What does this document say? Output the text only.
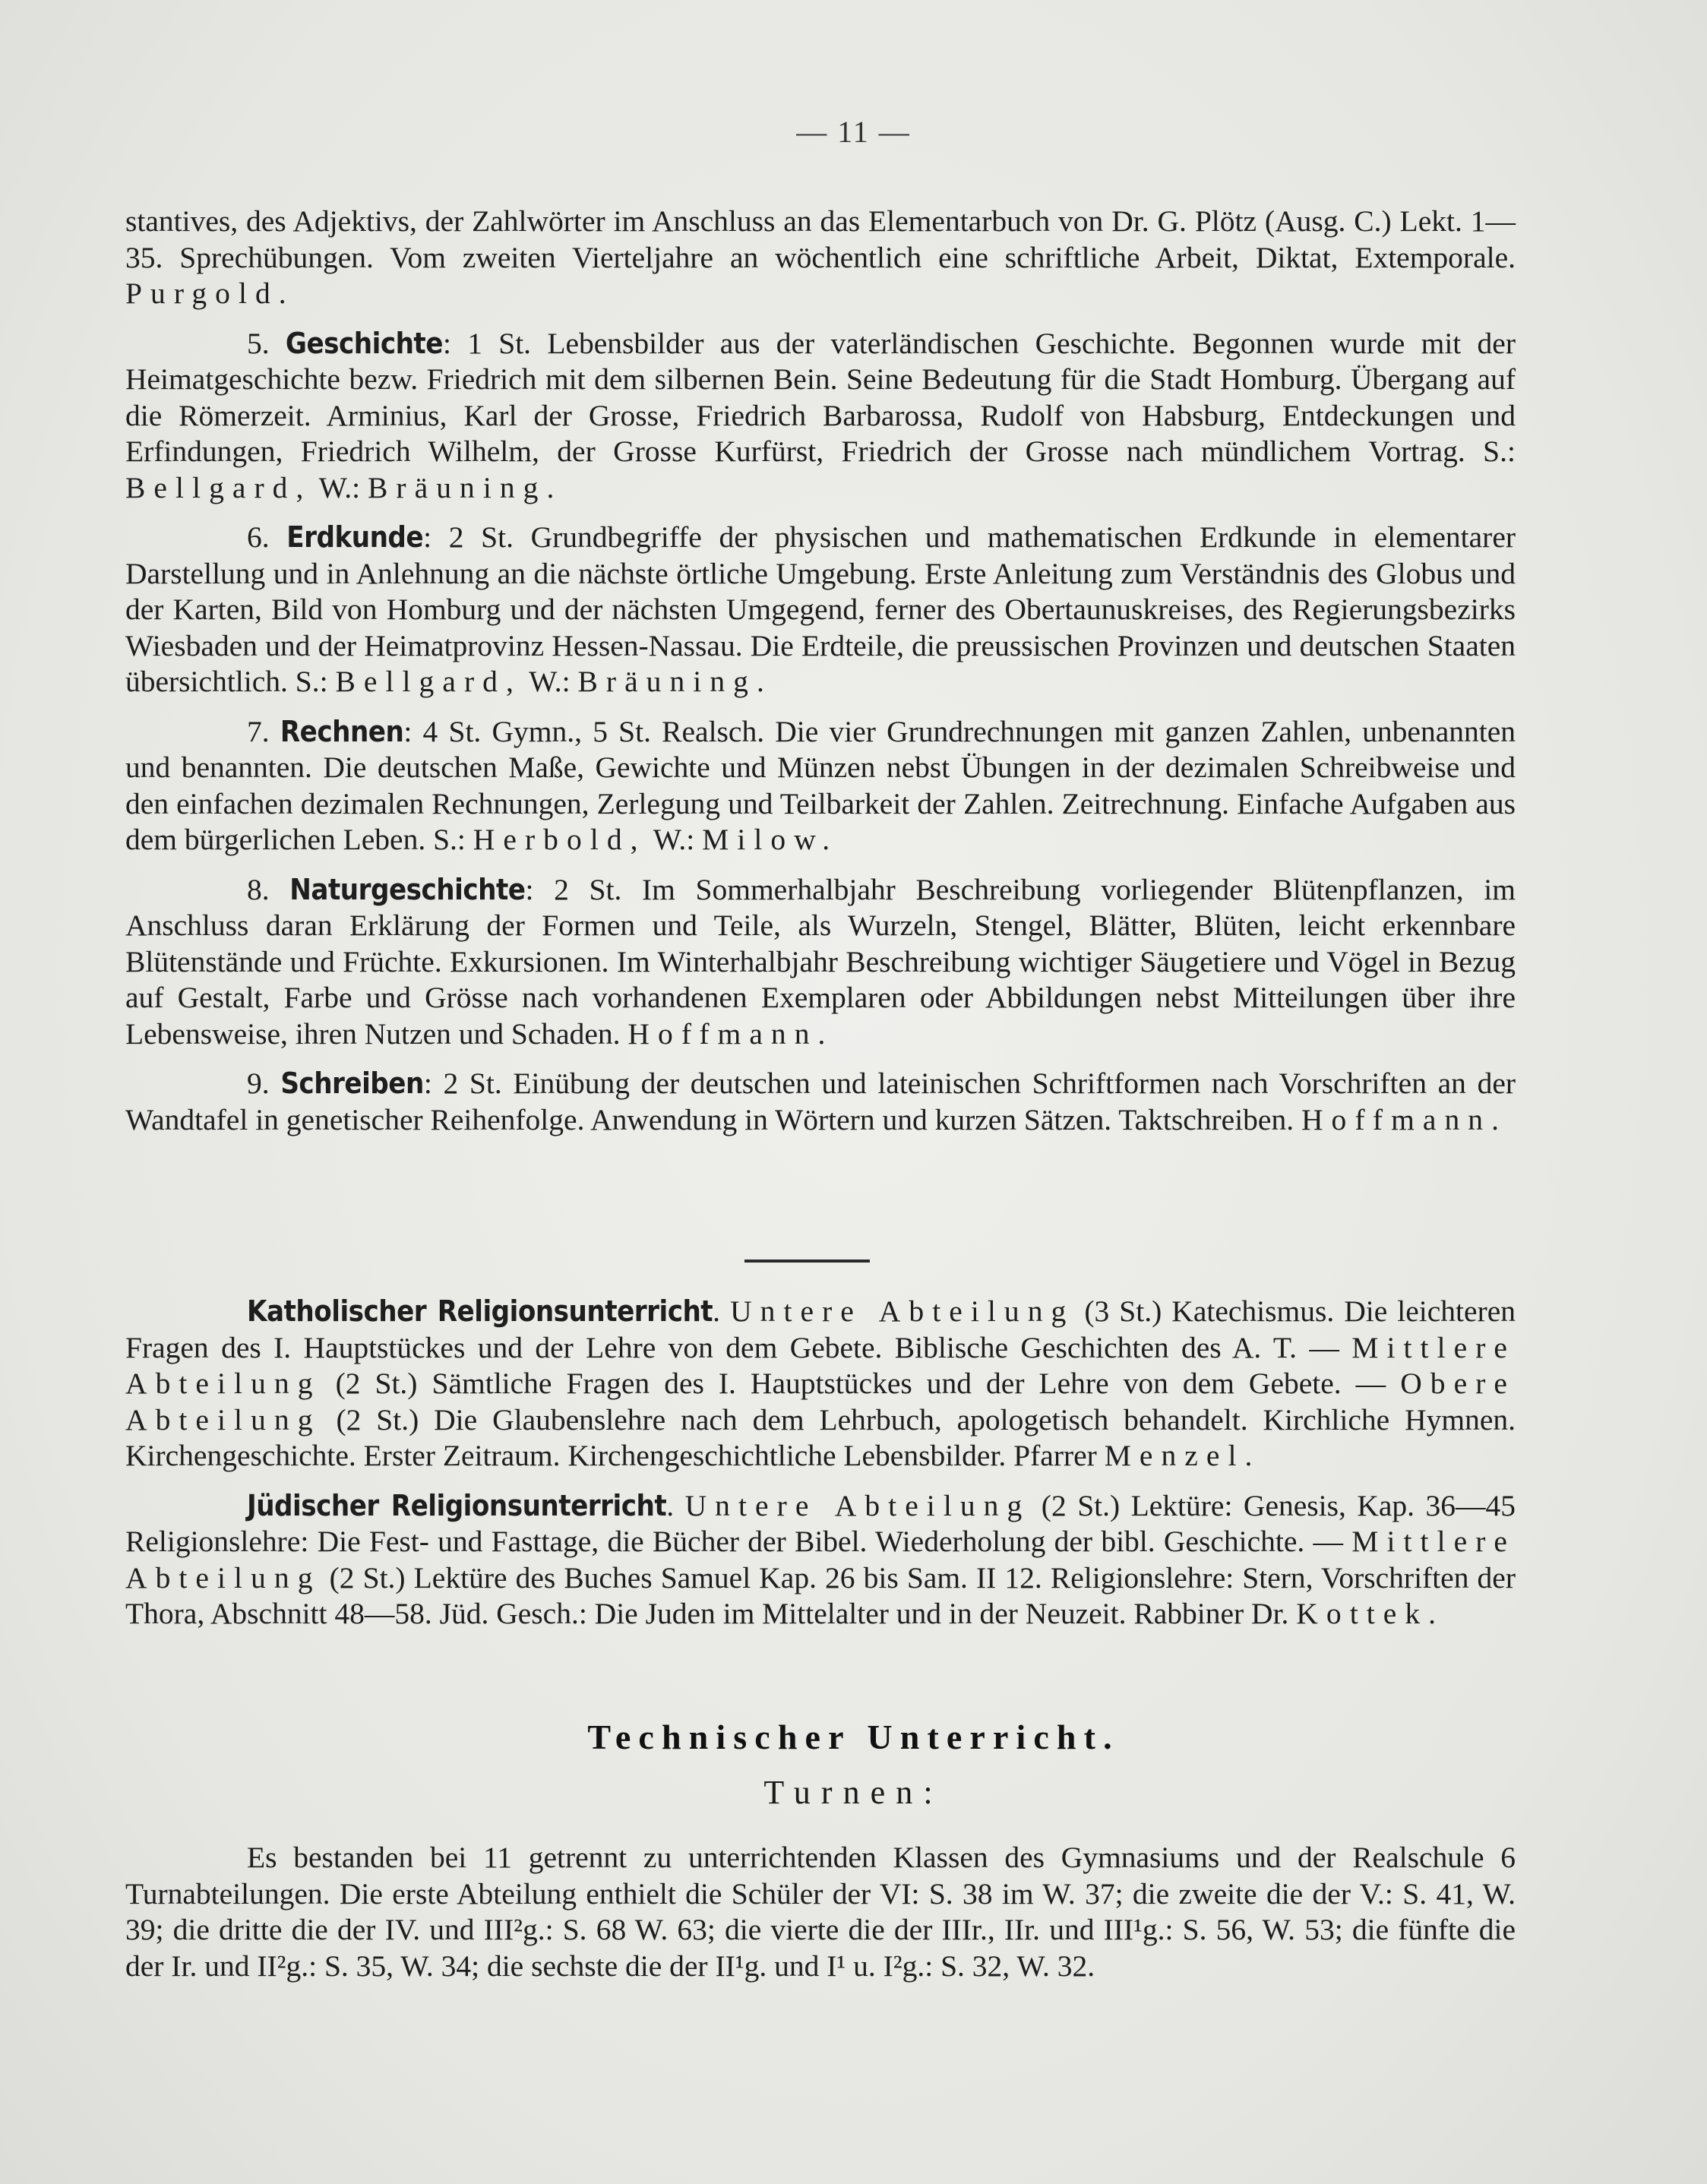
— 11 —

stantives, des Adjektivs, der Zahlwörter im Anschluss an das Elementarbuch von Dr. G. Plötz (Ausg. C.) Lekt. 1—35. Sprechübungen. Vom zweiten Vierteljahre an wöchentlich eine schriftliche Arbeit, Diktat, Extemporale. Purgold.

5. Geschichte: 1 St. Lebensbilder aus der vaterländischen Geschichte. Begonnen wurde mit der Heimatgeschichte bezw. Friedrich mit dem silbernen Bein. Seine Bedeutung für die Stadt Homburg. Übergang auf die Römerzeit. Arminius, Karl der Grosse, Friedrich Barbarossa, Rudolf von Habsburg, Entdeckungen und Erfindungen, Friedrich Wilhelm, der Grosse Kurfürst, Friedrich der Grosse nach mündlichem Vortrag. S.: Bellgard, W.: Bräuning.

6. Erdkunde: 2 St. Grundbegriffe der physischen und mathematischen Erdkunde in elementarer Darstellung und in Anlehnung an die nächste örtliche Umgebung. Erste Anleitung zum Verständnis des Globus und der Karten, Bild von Homburg und der nächsten Umgegend, ferner des Obertaunuskreises, des Regierungsbezirks Wiesbaden und der Heimatprovinz Hessen-Nassau. Die Erdteile, die preussischen Provinzen und deutschen Staaten übersichtlich. S.: Bellgard, W.: Bräuning.

7. Rechnen: 4 St. Gymn., 5 St. Realsch. Die vier Grundrechnungen mit ganzen Zahlen, unbenannten und benannten. Die deutschen Maße, Gewichte und Münzen nebst Übungen in der dezimalen Schreibweise und den einfachen dezimalen Rechnungen, Zerlegung und Teilbarkeit der Zahlen. Zeitrechnung. Einfache Aufgaben aus dem bürgerlichen Leben. S.: Herbold, W.: Milow.

8. Naturgeschichte: 2 St. Im Sommerhalbjahr Beschreibung vorliegender Blütenpflanzen, im Anschluss daran Erklärung der Formen und Teile, als Wurzeln, Stengel, Blätter, Blüten, leicht erkennbare Blütenstände und Früchte. Exkursionen. Im Winterhalbjahr Beschreibung wichtiger Säugetiere und Vögel in Bezug auf Gestalt, Farbe und Grösse nach vorhandenen Exemplaren oder Abbildungen nebst Mitteilungen über ihre Lebensweise, ihren Nutzen und Schaden. Hoffmann.

9. Schreiben: 2 St. Einübung der deutschen und lateinischen Schriftformen nach Vorschriften an der Wandtafel in genetischer Reihenfolge. Anwendung in Wörtern und kurzen Sätzen. Taktschreiben. Hoffmann.

Katholischer Religionsunterricht. Untere Abteilung (3 St.) Katechismus. Die leichteren Fragen des I. Hauptstückes und der Lehre von dem Gebete. Biblische Geschichten des A. T. — Mittlere Abteilung (2 St.) Sämtliche Fragen des I. Hauptstückes und der Lehre von dem Gebete. — Obere Abteilung (2 St.) Die Glaubenslehre nach dem Lehrbuch, apologetisch behandelt. Kirchliche Hymnen. Kirchengeschichte. Erster Zeitraum. Kirchengeschichtliche Lebensbilder. Pfarrer Menzel.

Jüdischer Religionsunterricht. Untere Abteilung (2 St.) Lektüre: Genesis, Kap. 36—45 Religionslehre: Die Fest- und Fasttage, die Bücher der Bibel. Wiederholung der bibl. Geschichte. — Mittlere Abteilung (2 St.) Lektüre des Buches Samuel Kap. 26 bis Sam. II 12. Religionslehre: Stern, Vorschriften der Thora, Abschnitt 48—58. Jüd. Gesch.: Die Juden im Mittelalter und in der Neuzeit. Rabbiner Dr. Kottek.

Technischer Unterricht.
Turnen:

Es bestanden bei 11 getrennt zu unterrichtenden Klassen des Gymnasiums und der Realschule 6 Turnabteilungen. Die erste Abteilung enthielt die Schüler der VI: S. 38 im W. 37; die zweite die der V.: S. 41, W. 39; die dritte die der IV. und III²g.: S. 68 W. 63; die vierte die der IIIr., IIr. und III¹g.: S. 56, W. 53; die fünfte die der Ir. und II²g.: S. 35, W. 34; die sechste die der II¹g. und I¹ u. I²g.: S. 32, W. 32.
